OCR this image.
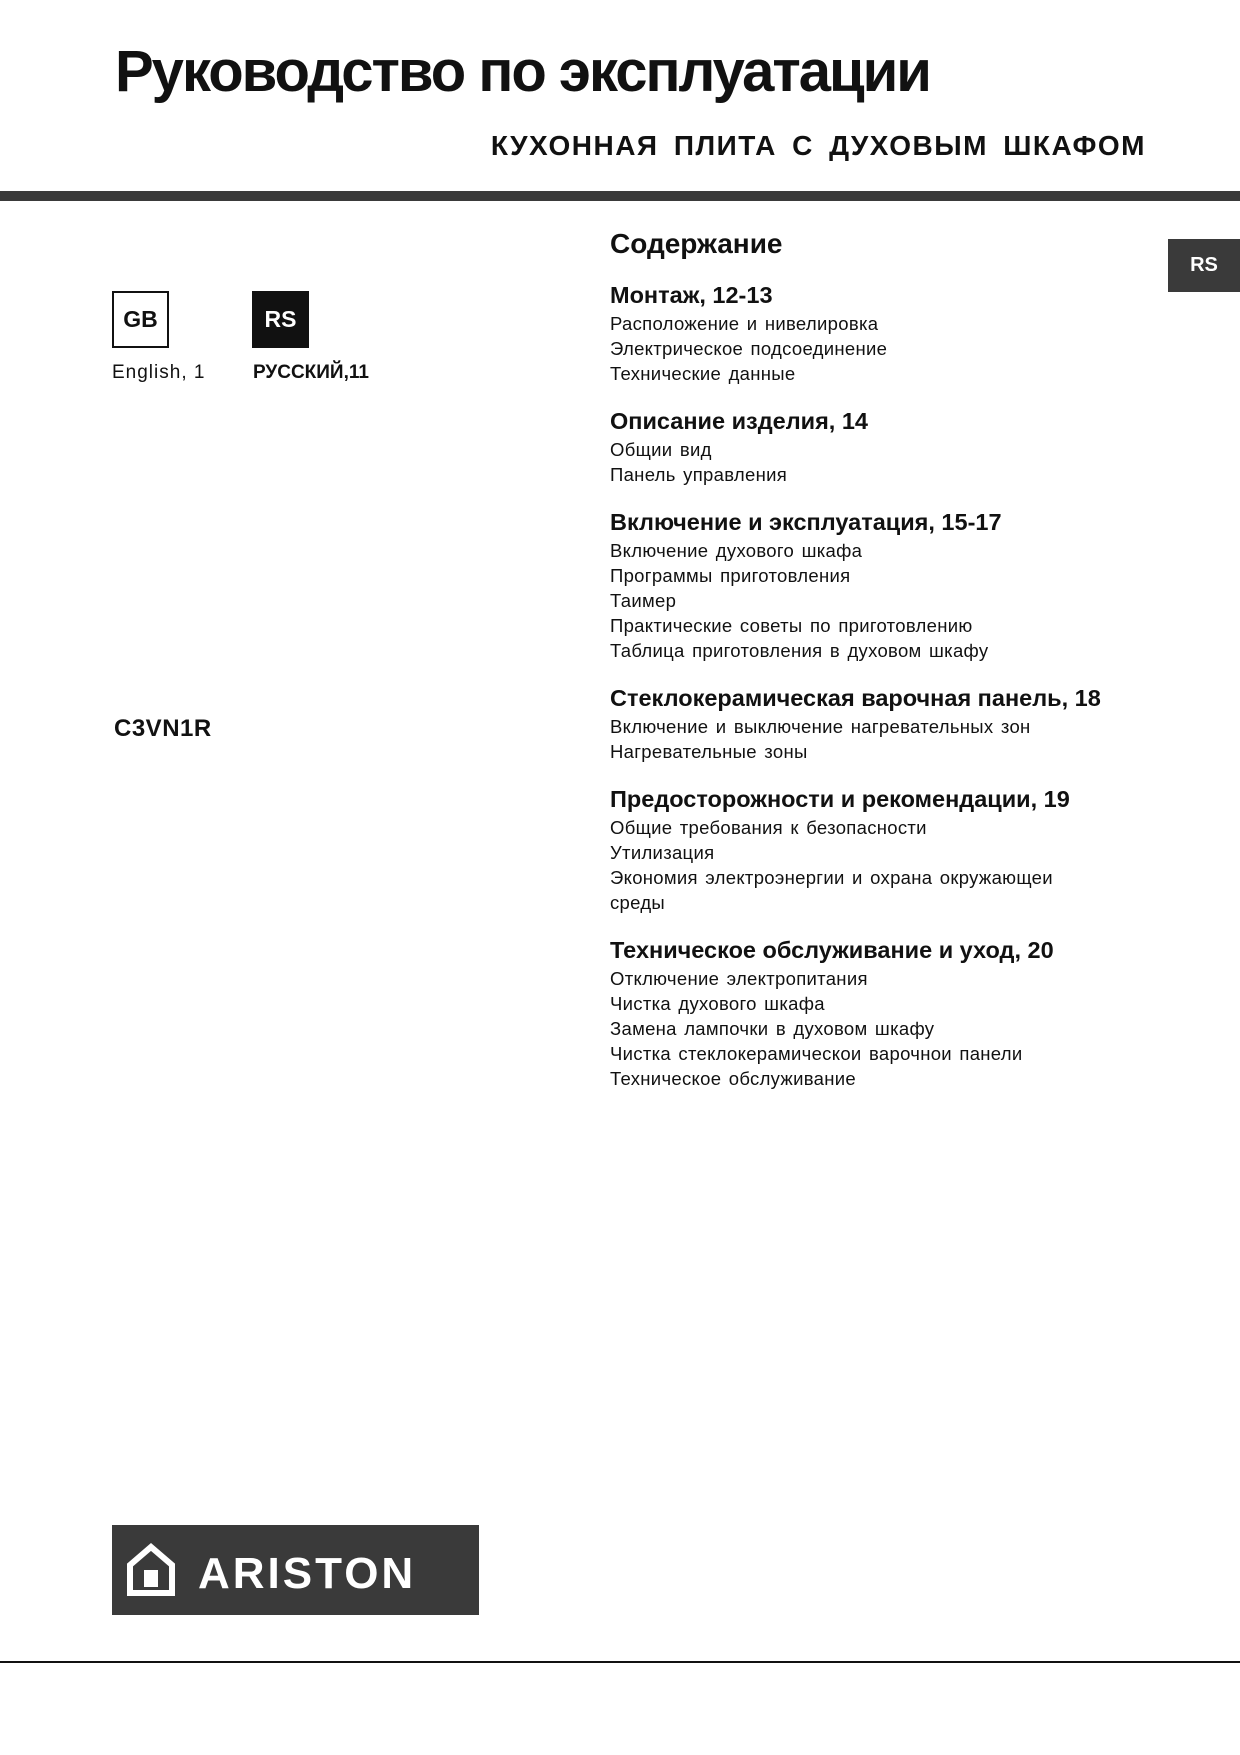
Руководство по эксплуатации
КУХОННАЯ ПЛИТА С ДУХОВЫМ ШКАФОМ
RS
GB	RS
English, 1	РУССКИЙ,11
C3VN1R
Содержание
Монтаж, 12-13
Расположение и нивелировка
Электрическое подсоединение
Технические данные
Описание изделия, 14
Общии вид
Панель управления
Включение и эксплуатация, 15-17
Включение духового шкафа
Программы приготовления
Таимер
Практические советы по приготовлению
Таблица приготовления в духовом шкафу
Стеклокерамическая варочная панель, 18
Включение и выключение нагревательных зон
Нагревательные зоны
Предосторожности и рекомендации, 19
Общие требования к безопасности
Утилизация
Экономия электроэнергии и охрана окружающеи
среды
Техническое обслуживание и уход, 20
Отключение электропитания
Чистка духового шкафа
Замена лампочки в духовом шкафу
Чистка стеклокерамическои варочнои панели
Техническое обслуживание
ARISTON
